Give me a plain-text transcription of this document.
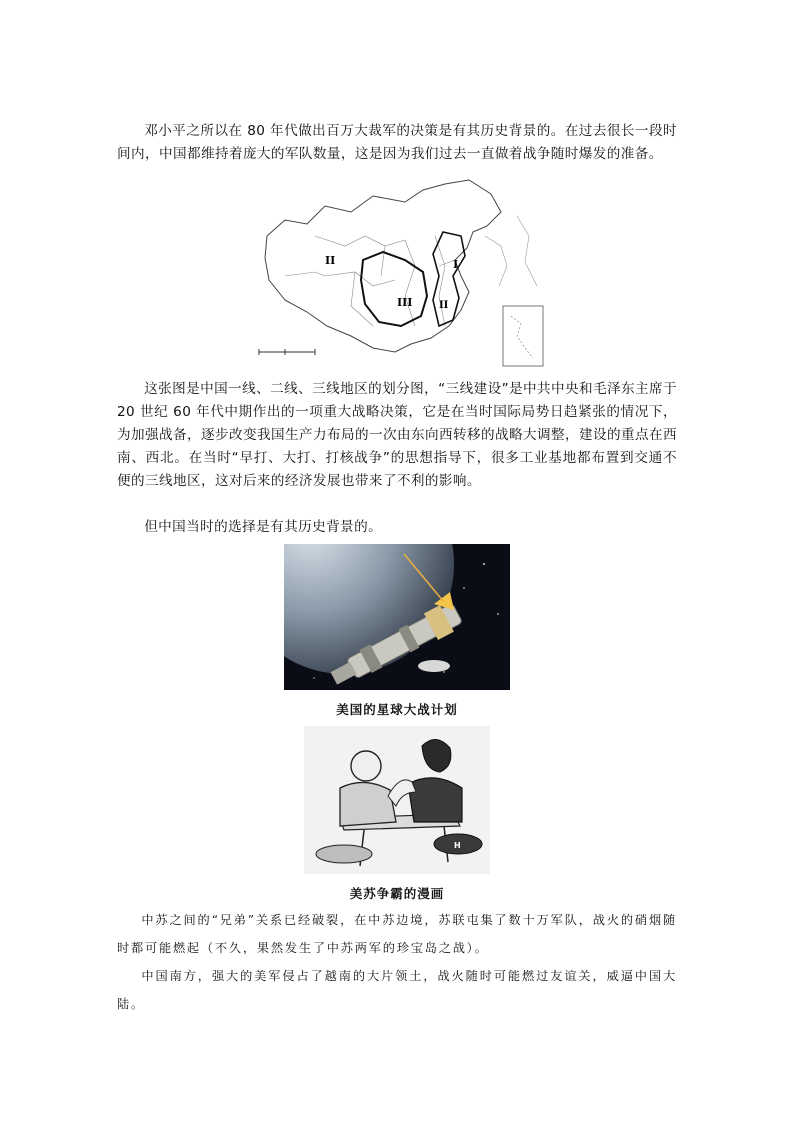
邓小平之所以在 80 年代做出百万大裁军的决策是有其历史背景的。在过去很长一段时间内，中国都维持着庞大的军队数量，这是因为我们过去一直做着战争随时爆发的准备。

II	I
III	II

这张图是中国一线、二线、三线地区的划分图，“三线建设”是中共中央和毛泽东主席于 20 世纪 60 年代中期作出的一项重大战略决策，它是在当时国际局势日趋紧张的情况下，为加强战备，逐步改变我国生产力布局的一次由东向西转移的战略大调整，建设的重点在西南、西北。在当时“早打、大打、打核战争”的思想指导下，很多工业基地都布置到交通不便的三线地区，这对后来的经济发展也带来了不利的影响。

但中国当时的选择是有其历史背景的。

美国的星球大战计划
H
美苏争霸的漫画

中苏之间的“兄弟”关系已经破裂，在中苏边境，苏联屯集了数十万军队，战火的硝烟随时都可能燃起（不久，果然发生了中苏两军的珍宝岛之战）。

中国南方，强大的美军侵占了越南的大片领土，战火随时可能燃过友谊关，威逼中国大陆。
